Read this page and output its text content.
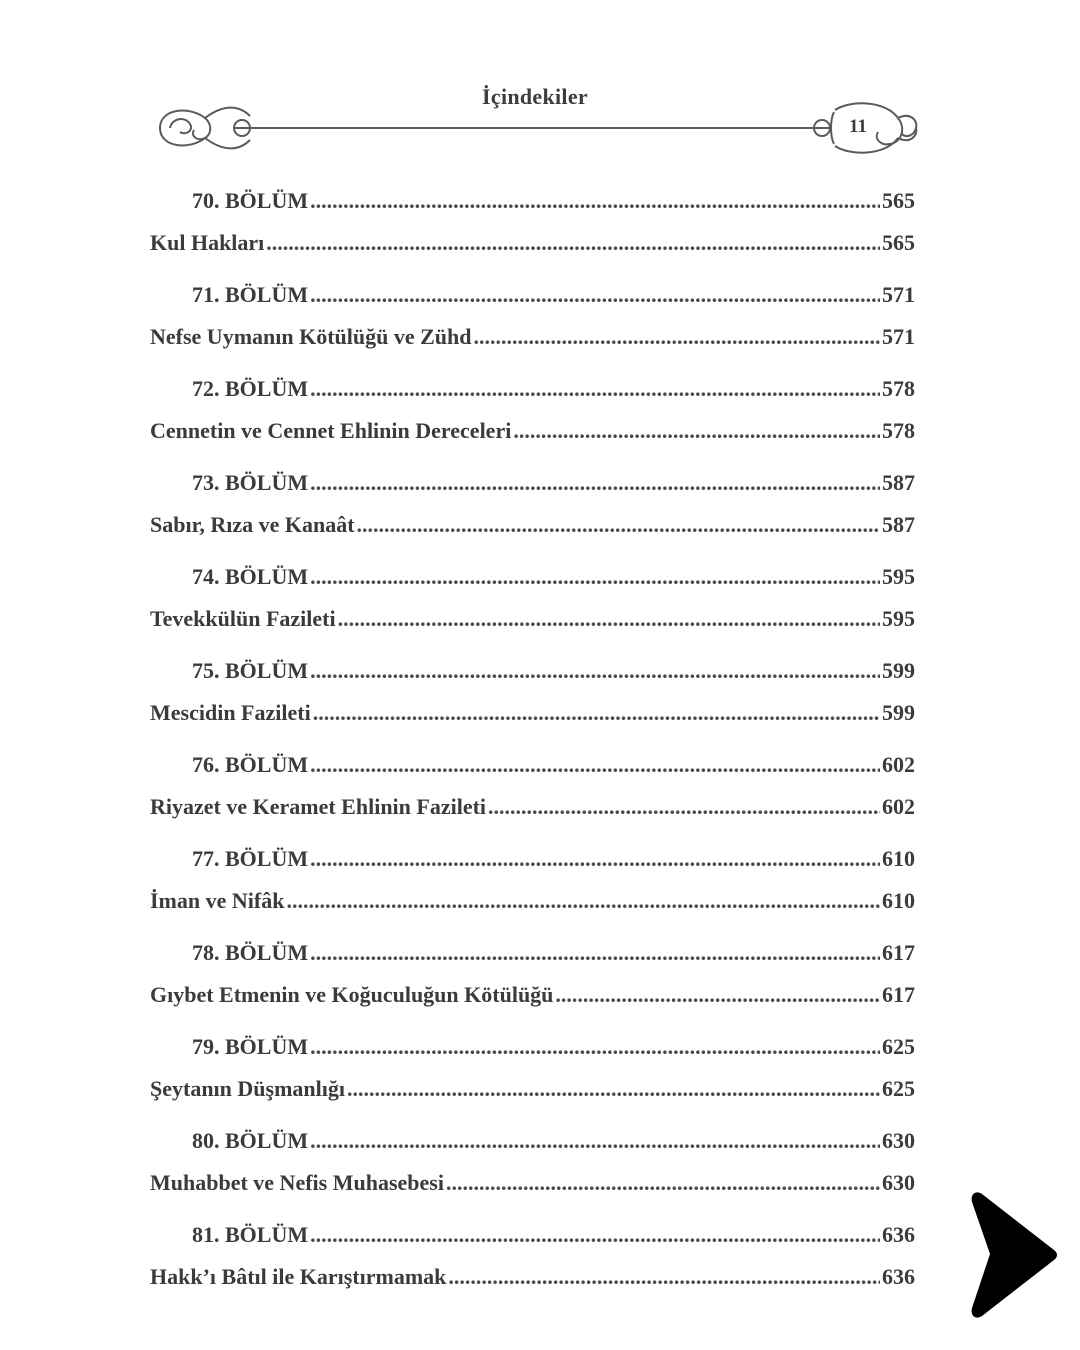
İçindekiler
11
70. BÖLÜM .....	565
Kul Hakları .....	565
71. BÖLÜM .....	571
Nefse Uymanın Kötülüğü ve Zühd .....	571
72. BÖLÜM .....	578
Cennetin ve Cennet Ehlinin Dereceleri .....	578
73. BÖLÜM .....	587
Sabır, Rıza ve Kanaât .....	587
74. BÖLÜM .....	595
Tevekkülün Fazileti .....	595
75. BÖLÜM .....	599
Mescidin Fazileti .....	599
76. BÖLÜM .....	602
Riyazet ve Keramet Ehlinin Fazileti .....	602
77. BÖLÜM .....	610
İman ve Nifâk .....	610
78. BÖLÜM .....	617
Gıybet Etmenin ve Koğuculuğun Kötülüğü .....	617
79. BÖLÜM .....	625
Şeytanın Düşmanlığı .....	625
80. BÖLÜM .....	630
Muhabbet ve Nefis Muhasebesi .....	630
81. BÖLÜM .....	636
Hakk’ı Bâtıl ile Karıştırmamak .....	636
